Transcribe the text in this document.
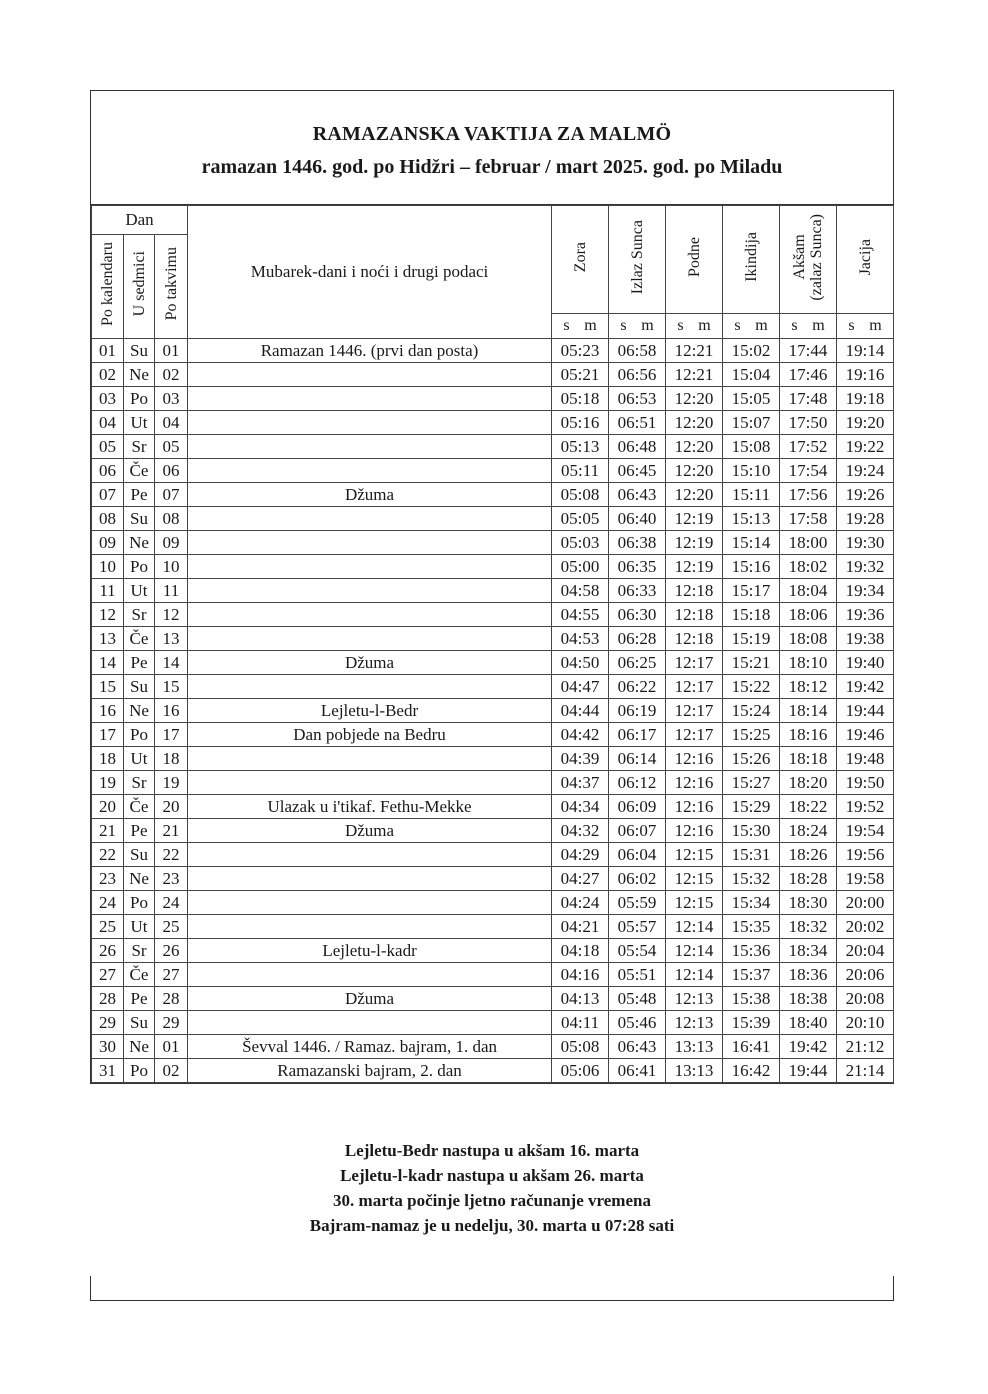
RAMAZANSKA VAKTIJA ZA MALMÖ
ramazan 1446. god. po Hidžri – februar / mart 2025. god. po Miladu
Dan			Mubarek-dani i noći i drugi podaci	Zora	Izlaz Sunca	Podne	Ikindija	Akšam (zalaz Sunca)	Jacija
Po kalendaru	U sedmici	Po takvimu							

				s m	s m	s m	s m	s m	s m

01	Su	01	Ramazan 1446. (prvi dan posta)	05:23	06:58	12:21	15:02	17:44	19:14
02	Ne	02		05:21	06:56	12:21	15:04	17:46	19:16
03	Po	03		05:18	06:53	12:20	15:05	17:48	19:18
04	Ut	04		05:16	06:51	12:20	15:07	17:50	19:20
05	Sr	05		05:13	06:48	12:20	15:08	17:52	19:22
06	Če	06		05:11	06:45	12:20	15:10	17:54	19:24
07	Pe	07	Džuma	05:08	06:43	12:20	15:11	17:56	19:26
08	Su	08		05:05	06:40	12:19	15:13	17:58	19:28
09	Ne	09		05:03	06:38	12:19	15:14	18:00	19:30
10	Po	10		05:00	06:35	12:19	15:16	18:02	19:32
11	Ut	11		04:58	06:33	12:18	15:17	18:04	19:34
12	Sr	12		04:55	06:30	12:18	15:18	18:06	19:36
13	Če	13		04:53	06:28	12:18	15:19	18:08	19:38
14	Pe	14	Džuma	04:50	06:25	12:17	15:21	18:10	19:40
15	Su	15		04:47	06:22	12:17	15:22	18:12	19:42
16	Ne	16	Lejletu-l-Bedr	04:44	06:19	12:17	15:24	18:14	19:44
17	Po	17	Dan pobjede na Bedru	04:42	06:17	12:17	15:25	18:16	19:46
18	Ut	18		04:39	06:14	12:16	15:26	18:18	19:48
19	Sr	19		04:37	06:12	12:16	15:27	18:20	19:50
20	Če	20	Ulazak u i'tikaf. Fethu-Mekke	04:34	06:09	12:16	15:29	18:22	19:52
21	Pe	21	Džuma	04:32	06:07	12:16	15:30	18:24	19:54
22	Su	22		04:29	06:04	12:15	15:31	18:26	19:56
23	Ne	23		04:27	06:02	12:15	15:32	18:28	19:58
24	Po	24		04:24	05:59	12:15	15:34	18:30	20:00
25	Ut	25		04:21	05:57	12:14	15:35	18:32	20:02
26	Sr	26	Lejletu-l-kadr	04:18	05:54	12:14	15:36	18:34	20:04
27	Če	27		04:16	05:51	12:14	15:37	18:36	20:06
28	Pe	28	Džuma	04:13	05:48	12:13	15:38	18:38	20:08
29	Su	29		04:11	05:46	12:13	15:39	18:40	20:10
30	Ne	01	Ševval 1446. / Ramaz. bajram, 1. dan	05:08	06:43	13:13	16:41	19:42	21:12
31	Po	02	Ramazanski bajram, 2. dan	05:06	06:41	13:13	16:42	19:44	21:14
Lejletu-Bedr nastupa u akšam 16. marta
Lejletu-l-kadr nastupa u akšam 26. marta
30. marta počinje ljetno računanje vremena
Bajram-namaz je u nedelju, 30. marta u 07:28 sati
